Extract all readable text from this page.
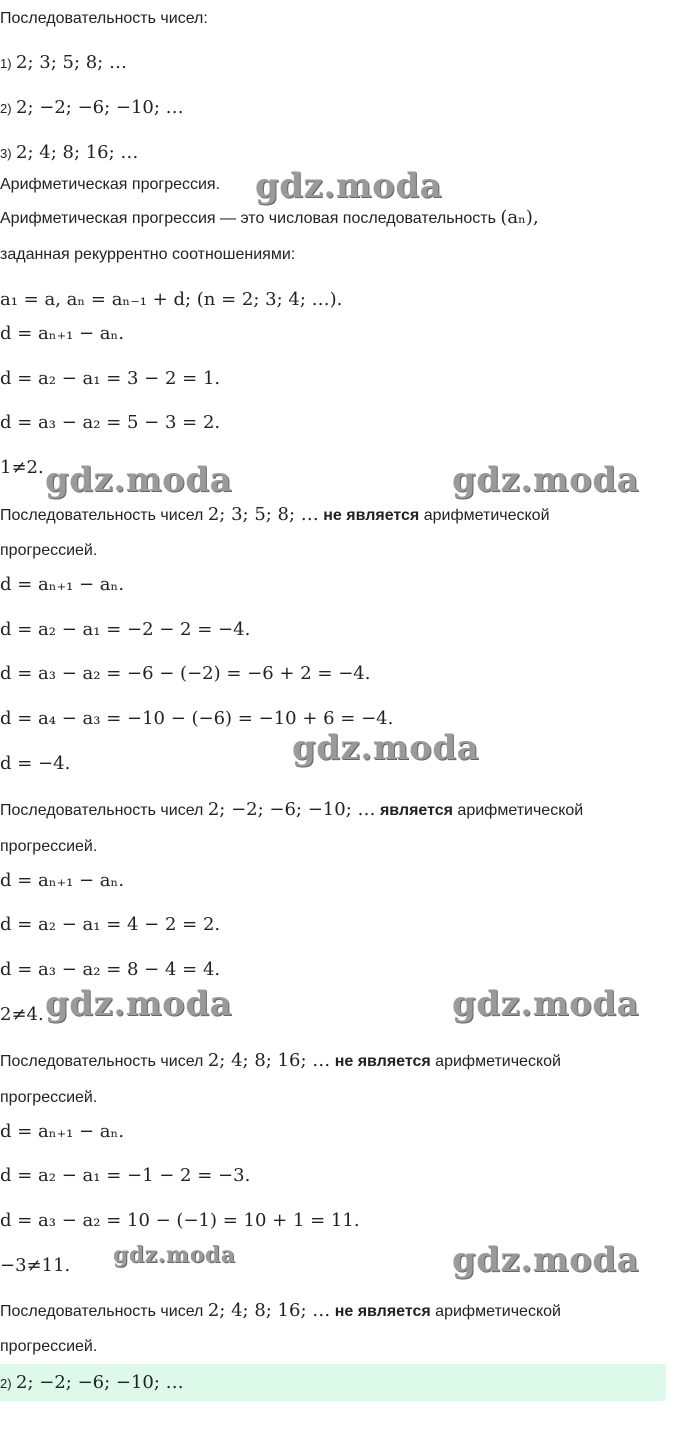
Последовательность чисел:
1) 2; 3; 5; 8; …
2) 2; −2; −6; −10; …
3) 2; 4; 8; 16; …
Арифметическая прогрессия. gdz.moda
Арифметическая прогрессия — это числовая последовательность (aₙ),
заданная рекуррентно соотношениями:
a₁ = a, aₙ = aₙ₋₁ + d; (n = 2; 3; 4; …).
d = aₙ₊₁ − aₙ.
d = a₂ − a₁ = 3 − 2 = 1.
d = a₃ − a₂ = 5 − 3 = 2.
1≠2. gdz.moda	gdz.moda
Последовательность чисел 2; 3; 5; 8; … не является арифметической
прогрессией.
d = aₙ₊₁ − aₙ.
d = a₂ − a₁ = −2 − 2 = −4.
d = a₃ − a₂ = −6 − (−2) = −6 + 2 = −4.
d = a₄ − a₃ = −10 − (−6) = −10 + 6 = −4.
d = −4.	gdz.moda
Последовательность чисел 2; −2; −6; −10; … является арифметической
прогрессией.
d = aₙ₊₁ − aₙ.
d = a₂ − a₁ = 4 − 2 = 2.
d = a₃ − a₂ = 8 − 4 = 4.
2≠4. gdz.moda	gdz.moda
Последовательность чисел 2; 4; 8; 16; … не является арифметической
прогрессией.
d = aₙ₊₁ − aₙ.
d = a₂ − a₁ = −1 − 2 = −3.
d = a₃ − a₂ = 10 − (−1) = 10 + 1 = 11.
−3≠11. gdz.moda	gdz.moda
Последовательность чисел 2; 4; 8; 16; … не является арифметической
прогрессией.
2) 2; −2; −6; −10; …
